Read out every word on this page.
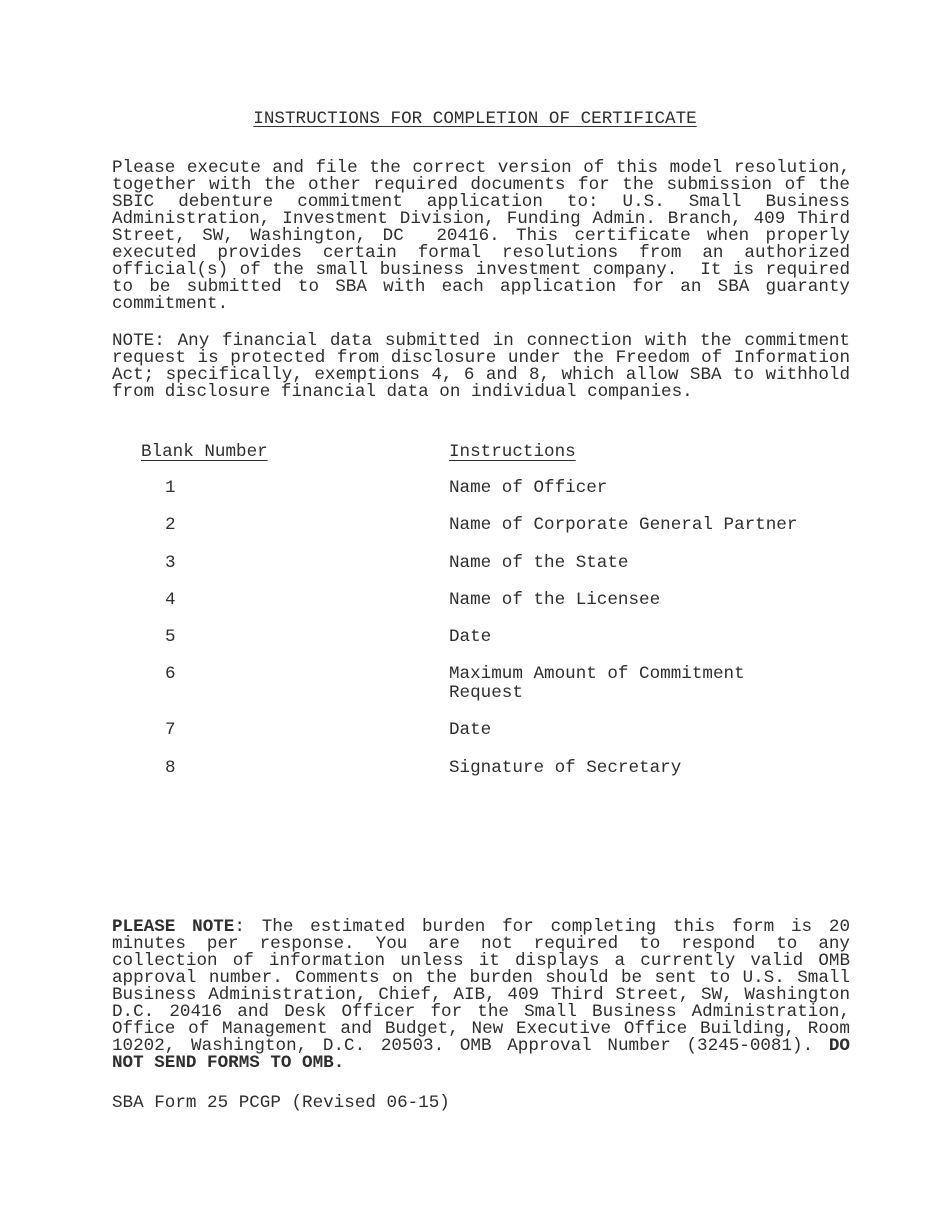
INSTRUCTIONS FOR COMPLETION OF CERTIFICATE
Please execute and file the correct version of this model resolution, together with the other required documents for the submission of the SBIC debenture commitment application to: U.S. Small Business Administration, Investment Division, Funding Admin. Branch, 409 Third Street, SW, Washington, DC  20416. This certificate when properly executed provides certain formal resolutions from an authorized official(s) of the small business investment company.  It is required to be submitted to SBA with each application for an SBA guaranty commitment.
NOTE: Any financial data submitted in connection with the commitment request is protected from disclosure under the Freedom of Information Act; specifically, exemptions 4, 6 and 8, which allow SBA to withhold from disclosure financial data on individual companies.
Blank Number	Instructions
1	Name of Officer
2	Name of Corporate General Partner
3	Name of the State
4	Name of the Licensee
5	Date
6	Maximum Amount of Commitment Request
7	Date
8	Signature of Secretary
PLEASE NOTE: The estimated burden for completing this form is 20 minutes per response. You are not required to respond to any collection of information unless it displays a currently valid OMB approval number. Comments on the burden should be sent to U.S. Small Business Administration, Chief, AIB, 409 Third Street, SW, Washington D.C. 20416 and Desk Officer for the Small Business Administration, Office of Management and Budget, New Executive Office Building, Room 10202, Washington, D.C. 20503. OMB Approval Number (3245-0081). DO NOT SEND FORMS TO OMB.
SBA Form 25 PCGP (Revised 06-15)
